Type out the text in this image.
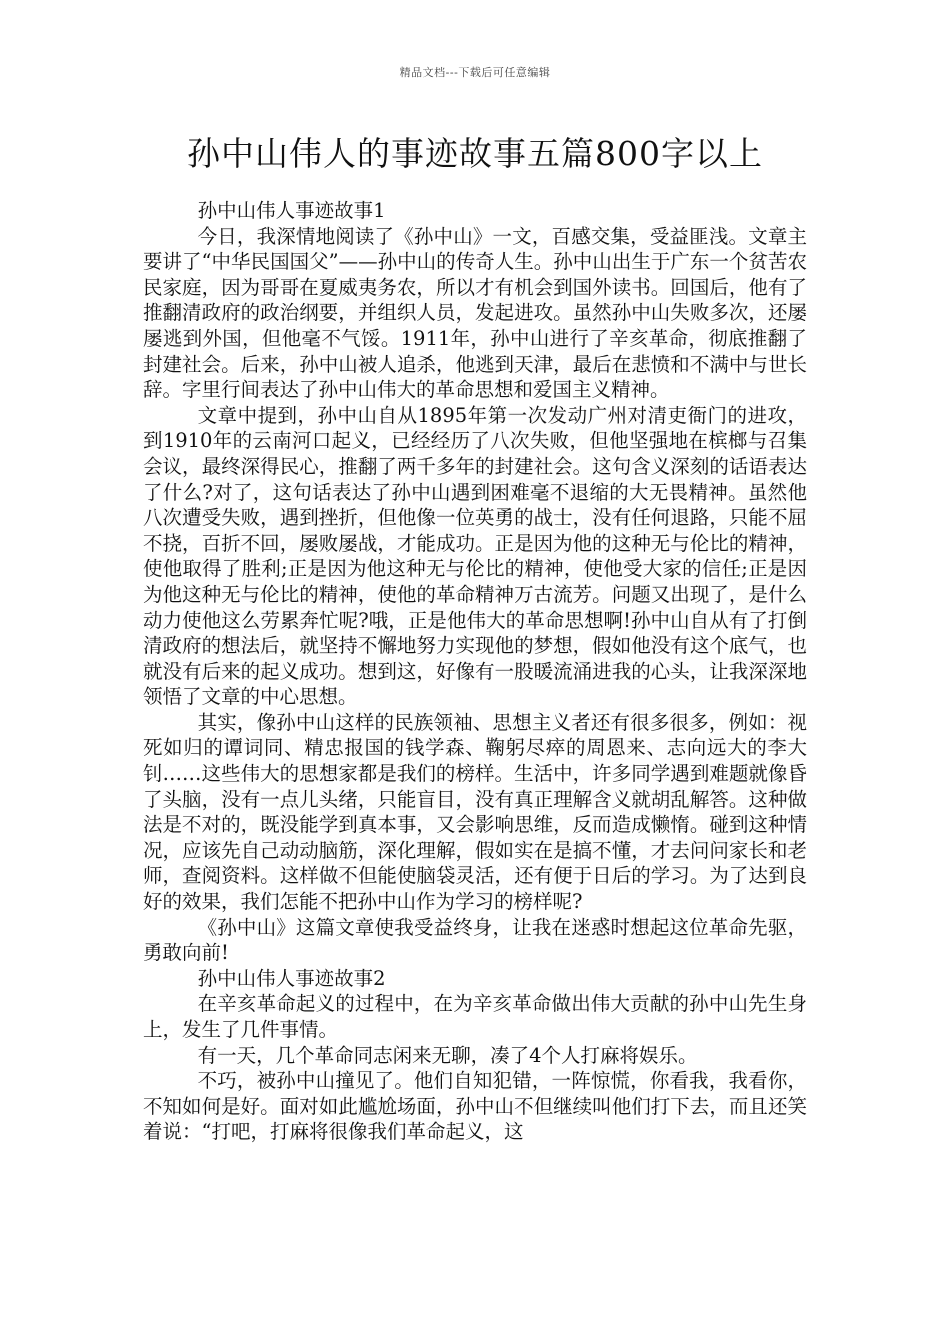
精品文档---下载后可任意编辑
孙中山伟人的事迹故事五篇800字以上

孙中山伟人事迹故事1

今日，我深情地阅读了《孙中山》一文，百感交集，受益匪浅。文章主要讲了“中华民国国父”——孙中山的传奇人生。孙中山出生于广东一个贫苦农民家庭，因为哥哥在夏威夷务农，所以才有机会到国外读书。回国后，他有了推翻清政府的政治纲要，并组织人员，发起进攻。虽然孙中山失败多次，还屡屡逃到外国，但他毫不气馁。1911年，孙中山进行了辛亥革命，彻底推翻了封建社会。后来，孙中山被人追杀，他逃到天津，最后在悲愤和不满中与世长辞。字里行间表达了孙中山伟大的革命思想和爱国主义精神。

文章中提到，孙中山自从1895年第一次发动广州对清吏衙门的进攻，到1910年的云南河口起义，已经经历了八次失败，但他坚强地在槟榔与召集会议，最终深得民心，推翻了两千多年的封建社会。这句含义深刻的话语表达了什么?对了，这句话表达了孙中山遇到困难毫不退缩的大无畏精神。虽然他八次遭受失败，遇到挫折，但他像一位英勇的战士，没有任何退路，只能不屈不挠，百折不回，屡败屡战，才能成功。正是因为他的这种无与伦比的精神，使他取得了胜利;正是因为他这种无与伦比的精神，使他受大家的信任;正是因为他这种无与伦比的精神，使他的革命精神万古流芳。问题又出现了，是什么动力使他这么劳累奔忙呢?哦，正是他伟大的革命思想啊!孙中山自从有了打倒清政府的想法后，就坚持不懈地努力实现他的梦想，假如他没有这个底气，也就没有后来的起义成功。想到这，好像有一股暖流涌进我的心头，让我深深地领悟了文章的中心思想。

其实，像孙中山这样的民族领袖、思想主义者还有很多很多，例如：视死如归的谭词同、精忠报国的钱学森、鞠躬尽瘁的周恩来、志向远大的李大钊……这些伟大的思想家都是我们的榜样。生活中，许多同学遇到难题就像昏了头脑，没有一点儿头绪，只能盲目，没有真正理解含义就胡乱解答。这种做法是不对的，既没能学到真本事，又会影响思维，反而造成懒惰。碰到这种情况，应该先自己动动脑筋，深化理解，假如实在是搞不懂，才去问问家长和老师，查阅资料。这样做不但能使脑袋灵活，还有便于日后的学习。为了达到良好的效果，我们怎能不把孙中山作为学习的榜样呢?

《孙中山》这篇文章使我受益终身，让我在迷惑时想起这位革命先驱，勇敢向前!

孙中山伟人事迹故事2

在辛亥革命起义的过程中，在为辛亥革命做出伟大贡献的孙中山先生身上，发生了几件事情。

有一天，几个革命同志闲来无聊，凑了4个人打麻将娱乐。

不巧，被孙中山撞见了。他们自知犯错，一阵惊慌，你看我，我看你，不知如何是好。面对如此尴尬场面，孙中山不但继续叫他们打下去，而且还笑着说：“打吧，打麻将很像我们革命起义，这
